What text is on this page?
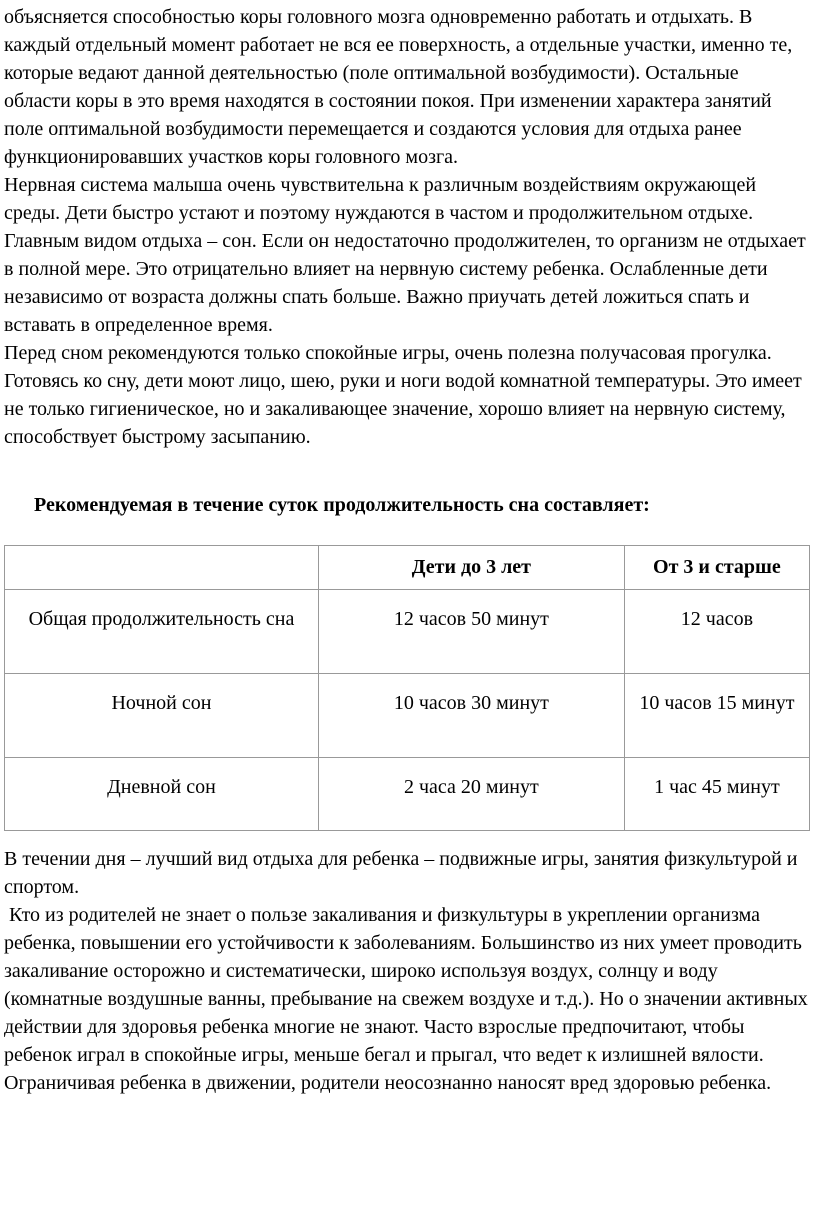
объясняется способностью коры головного мозга одновременно работать и отдыхать. В каждый отдельный момент работает не вся ее поверхность, а отдельные участки, именно те, которые ведают данной деятельностью (поле оптимальной возбудимости). Остальные области коры в это время находятся в состоянии покоя. При изменении характера занятий поле оптимальной возбудимости перемещается и создаются условия для отдыха ранее функционировавших участков коры головного мозга.

Нервная система малыша очень чувствительна к различным воздействиям окружающей среды. Дети быстро устают и поэтому нуждаются в частом и продолжительном отдыхе. Главным видом отдыха – сон. Если он недостаточно продолжителен, то организм не отдыхает в полной мере. Это отрицательно влияет на нервную систему ребенка. Ослабленные дети независимо от возраста должны спать больше. Важно приучать детей ложиться спать и вставать в определенное время.

Перед сном рекомендуются только спокойные игры, очень полезна получасовая прогулка. Готовясь ко сну, дети моют лицо, шею, руки и ноги водой комнатной температуры. Это имеет не только гигиеническое, но и закаливающее значение, хорошо влияет на нервную систему, способствует быстрому засыпанию.

Рекомендуемая в течение суток продолжительность сна составляет:

	Дети до 3 лет	От 3 и старше
Общая продолжительность сна	12 часов 50 минут	12 часов
Ночной сон	10 часов 30 минут	10 часов 15 минут
Дневной сон	2 часа 20 минут	1 час 45 минут

В течении дня – лучший вид отдыха для ребенка – подвижные игры, занятия физкультурой и спортом.

Кто из родителей не знает о пользе закаливания и физкультуры в укреплении организма ребенка, повышении его устойчивости к заболеваниям. Большинство из них умеет проводить закаливание осторожно и систематически, широко используя воздух, солнцу и воду (комнатные воздушные ванны, пребывание на свежем воздухе и т.д.). Но о значении активных действии для здоровья ребенка многие не знают. Часто взрослые предпочитают, чтобы ребенок играл в спокойные игры, меньше бегал и прыгал, что ведет к излишней вялости. Ограничивая ребенка в движении, родители неосознанно наносят вред здоровью ребенка.
